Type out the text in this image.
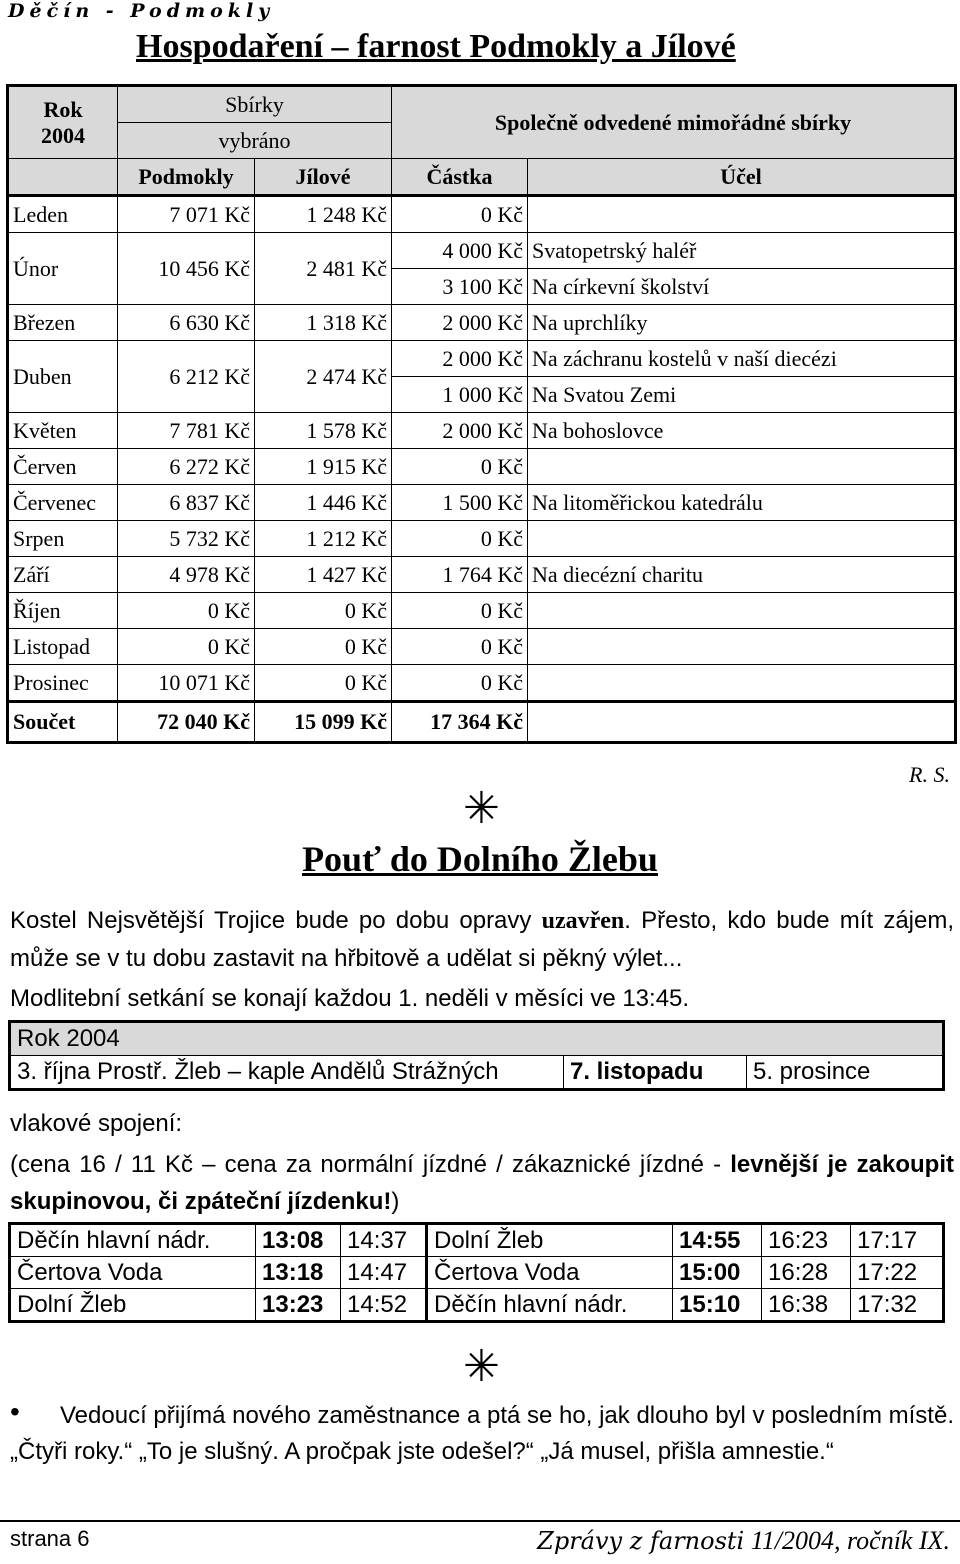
Děčín - Podmokly
Hospodaření – farnost Podmokly a Jílové
Rok
2004	Sbírky		Společně odvedené mimořádné sbírky	
	vybráno			
	Podmokly	Jílové	Částka	Účel
Leden	7 071 Kč	1 248 Kč	0 Kč	
Únor	10 456 Kč	2 481 Kč	4 000 Kč	Svatopetrský haléř
			3 100 Kč	Na církevní školství
Březen	6 630 Kč	1 318 Kč	2 000 Kč	Na uprchlíky
Duben	6 212 Kč	2 474 Kč	2 000 Kč	Na záchranu kostelů v naší diecézi
			1 000 Kč	Na Svatou Zemi
Květen	7 781 Kč	1 578 Kč	2 000 Kč	Na bohoslovce
Červen	6 272 Kč	1 915 Kč	0 Kč	
Červenec	6 837 Kč	1 446 Kč	1 500 Kč	Na litoměřickou katedrálu
Srpen	5 732 Kč	1 212 Kč	0 Kč	
Září	4 978 Kč	1 427 Kč	1 764 Kč	Na diecézní charitu
Říjen	0 Kč	0 Kč	0 Kč	
Listopad	0 Kč	0 Kč	0 Kč	
Prosinec	10 071 Kč	0 Kč	0 Kč	
Součet	72 040 Kč	15 099 Kč	17 364 Kč	
R. S.
✳
Pouť do Dolního Žlebu
Kostel Nejsvětější Trojice bude po dobu opravy uzavřen. Přesto, kdo bude mít zájem, může se v tu dobu zastavit na hřbitově a udělat si pěkný výlet...
Modlitební setkání se konají každou 1. neděli v měsíci ve 13:45.
Rok 2004
3. října Prostř. Žleb – kaple Andělů Strážných	7. listopadu	5. prosince
vlakové spojení:
(cena 16 / 11 Kč – cena za normální jízdné / zákaznické jízdné - levnější je zakoupit skupinovou, či zpáteční jízdenku!)
Děčín hlavní nádr.	13:08	14:37	Dolní Žleb	14:55	16:23	17:17
Čertova Voda	13:18	14:47	Čertova Voda	15:00	16:28	17:22
Dolní Žleb	13:23	14:52	Děčín hlavní nádr.	15:10	16:38	17:32
✳
•	Vedoucí přijímá nového zaměstnance a ptá se ho, jak dlouho byl v posledním místě. „Čtyři roky.“ „To je slušný. A pročpak jste odešel?“ „Já musel, přišla amnestie.“
strana 6	Zprávy z farnosti 11/2004, ročník IX.
